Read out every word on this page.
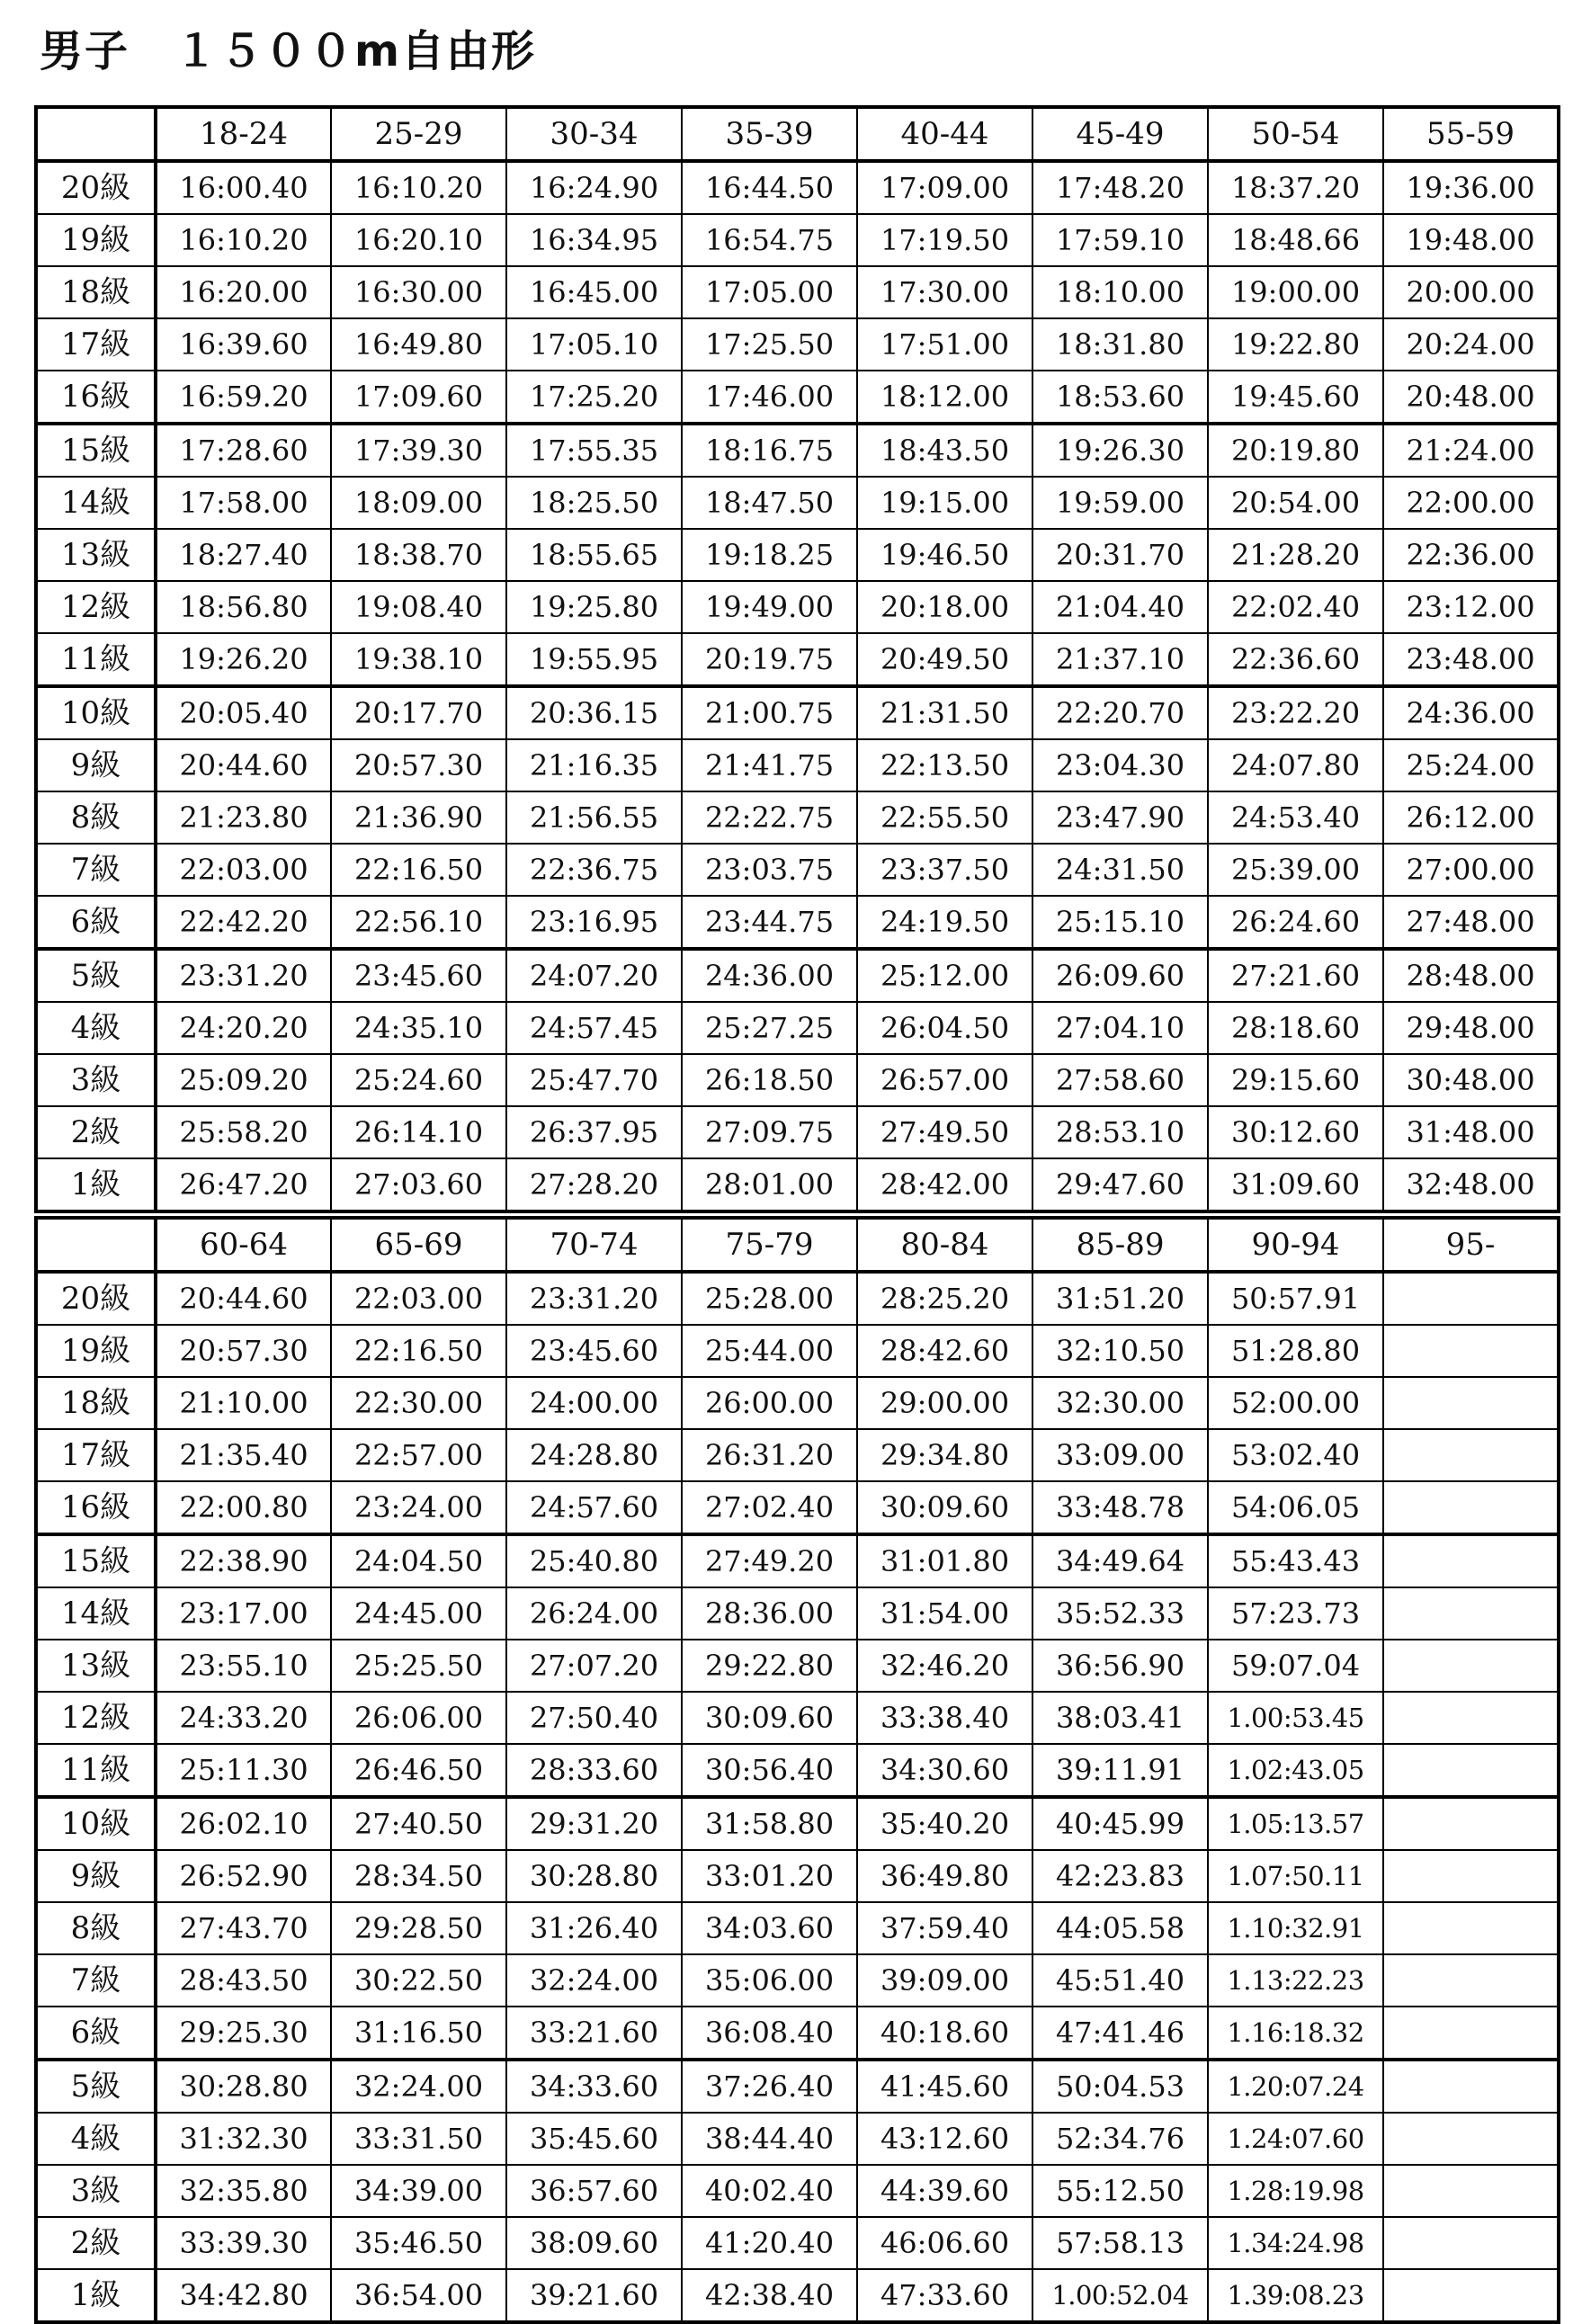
男子　１５００m自由形
	18-24	25-29	30-34	35-39	40-44	45-49	50-54	55-59
20級	16:00.40	16:10.20	16:24.90	16:44.50	17:09.00	17:48.20	18:37.20	19:36.00
19級	16:10.20	16:20.10	16:34.95	16:54.75	17:19.50	17:59.10	18:48.66	19:48.00
18級	16:20.00	16:30.00	16:45.00	17:05.00	17:30.00	18:10.00	19:00.00	20:00.00
17級	16:39.60	16:49.80	17:05.10	17:25.50	17:51.00	18:31.80	19:22.80	20:24.00
16級	16:59.20	17:09.60	17:25.20	17:46.00	18:12.00	18:53.60	19:45.60	20:48.00
15級	17:28.60	17:39.30	17:55.35	18:16.75	18:43.50	19:26.30	20:19.80	21:24.00
14級	17:58.00	18:09.00	18:25.50	18:47.50	19:15.00	19:59.00	20:54.00	22:00.00
13級	18:27.40	18:38.70	18:55.65	19:18.25	19:46.50	20:31.70	21:28.20	22:36.00
12級	18:56.80	19:08.40	19:25.80	19:49.00	20:18.00	21:04.40	22:02.40	23:12.00
11級	19:26.20	19:38.10	19:55.95	20:19.75	20:49.50	21:37.10	22:36.60	23:48.00
10級	20:05.40	20:17.70	20:36.15	21:00.75	21:31.50	22:20.70	23:22.20	24:36.00
9級	20:44.60	20:57.30	21:16.35	21:41.75	22:13.50	23:04.30	24:07.80	25:24.00
8級	21:23.80	21:36.90	21:56.55	22:22.75	22:55.50	23:47.90	24:53.40	26:12.00
7級	22:03.00	22:16.50	22:36.75	23:03.75	23:37.50	24:31.50	25:39.00	27:00.00
6級	22:42.20	22:56.10	23:16.95	23:44.75	24:19.50	25:15.10	26:24.60	27:48.00
5級	23:31.20	23:45.60	24:07.20	24:36.00	25:12.00	26:09.60	27:21.60	28:48.00
4級	24:20.20	24:35.10	24:57.45	25:27.25	26:04.50	27:04.10	28:18.60	29:48.00
3級	25:09.20	25:24.60	25:47.70	26:18.50	26:57.00	27:58.60	29:15.60	30:48.00
2級	25:58.20	26:14.10	26:37.95	27:09.75	27:49.50	28:53.10	30:12.60	31:48.00
1級	26:47.20	27:03.60	27:28.20	28:01.00	28:42.00	29:47.60	31:09.60	32:48.00
	60-64	65-69	70-74	75-79	80-84	85-89	90-94	95-
20級	20:44.60	22:03.00	23:31.20	25:28.00	28:25.20	31:51.20	50:57.91	
19級	20:57.30	22:16.50	23:45.60	25:44.00	28:42.60	32:10.50	51:28.80	
18級	21:10.00	22:30.00	24:00.00	26:00.00	29:00.00	32:30.00	52:00.00	
17級	21:35.40	22:57.00	24:28.80	26:31.20	29:34.80	33:09.00	53:02.40	
16級	22:00.80	23:24.00	24:57.60	27:02.40	30:09.60	33:48.78	54:06.05	
15級	22:38.90	24:04.50	25:40.80	27:49.20	31:01.80	34:49.64	55:43.43	
14級	23:17.00	24:45.00	26:24.00	28:36.00	31:54.00	35:52.33	57:23.73	
13級	23:55.10	25:25.50	27:07.20	29:22.80	32:46.20	36:56.90	59:07.04	
12級	24:33.20	26:06.00	27:50.40	30:09.60	33:38.40	38:03.41	1.00:53.45	
11級	25:11.30	26:46.50	28:33.60	30:56.40	34:30.60	39:11.91	1.02:43.05	
10級	26:02.10	27:40.50	29:31.20	31:58.80	35:40.20	40:45.99	1.05:13.57	
9級	26:52.90	28:34.50	30:28.80	33:01.20	36:49.80	42:23.83	1.07:50.11	
8級	27:43.70	29:28.50	31:26.40	34:03.60	37:59.40	44:05.58	1.10:32.91	
7級	28:43.50	30:22.50	32:24.00	35:06.00	39:09.00	45:51.40	1.13:22.23	
6級	29:25.30	31:16.50	33:21.60	36:08.40	40:18.60	47:41.46	1.16:18.32	
5級	30:28.80	32:24.00	34:33.60	37:26.40	41:45.60	50:04.53	1.20:07.24	
4級	31:32.30	33:31.50	35:45.60	38:44.40	43:12.60	52:34.76	1.24:07.60	
3級	32:35.80	34:39.00	36:57.60	40:02.40	44:39.60	55:12.50	1.28:19.98	
2級	33:39.30	35:46.50	38:09.60	41:20.40	46:06.60	57:58.13	1.34:24.98	
1級	34:42.80	36:54.00	39:21.60	42:38.40	47:33.60	1.00:52.04	1.39:08.23	
